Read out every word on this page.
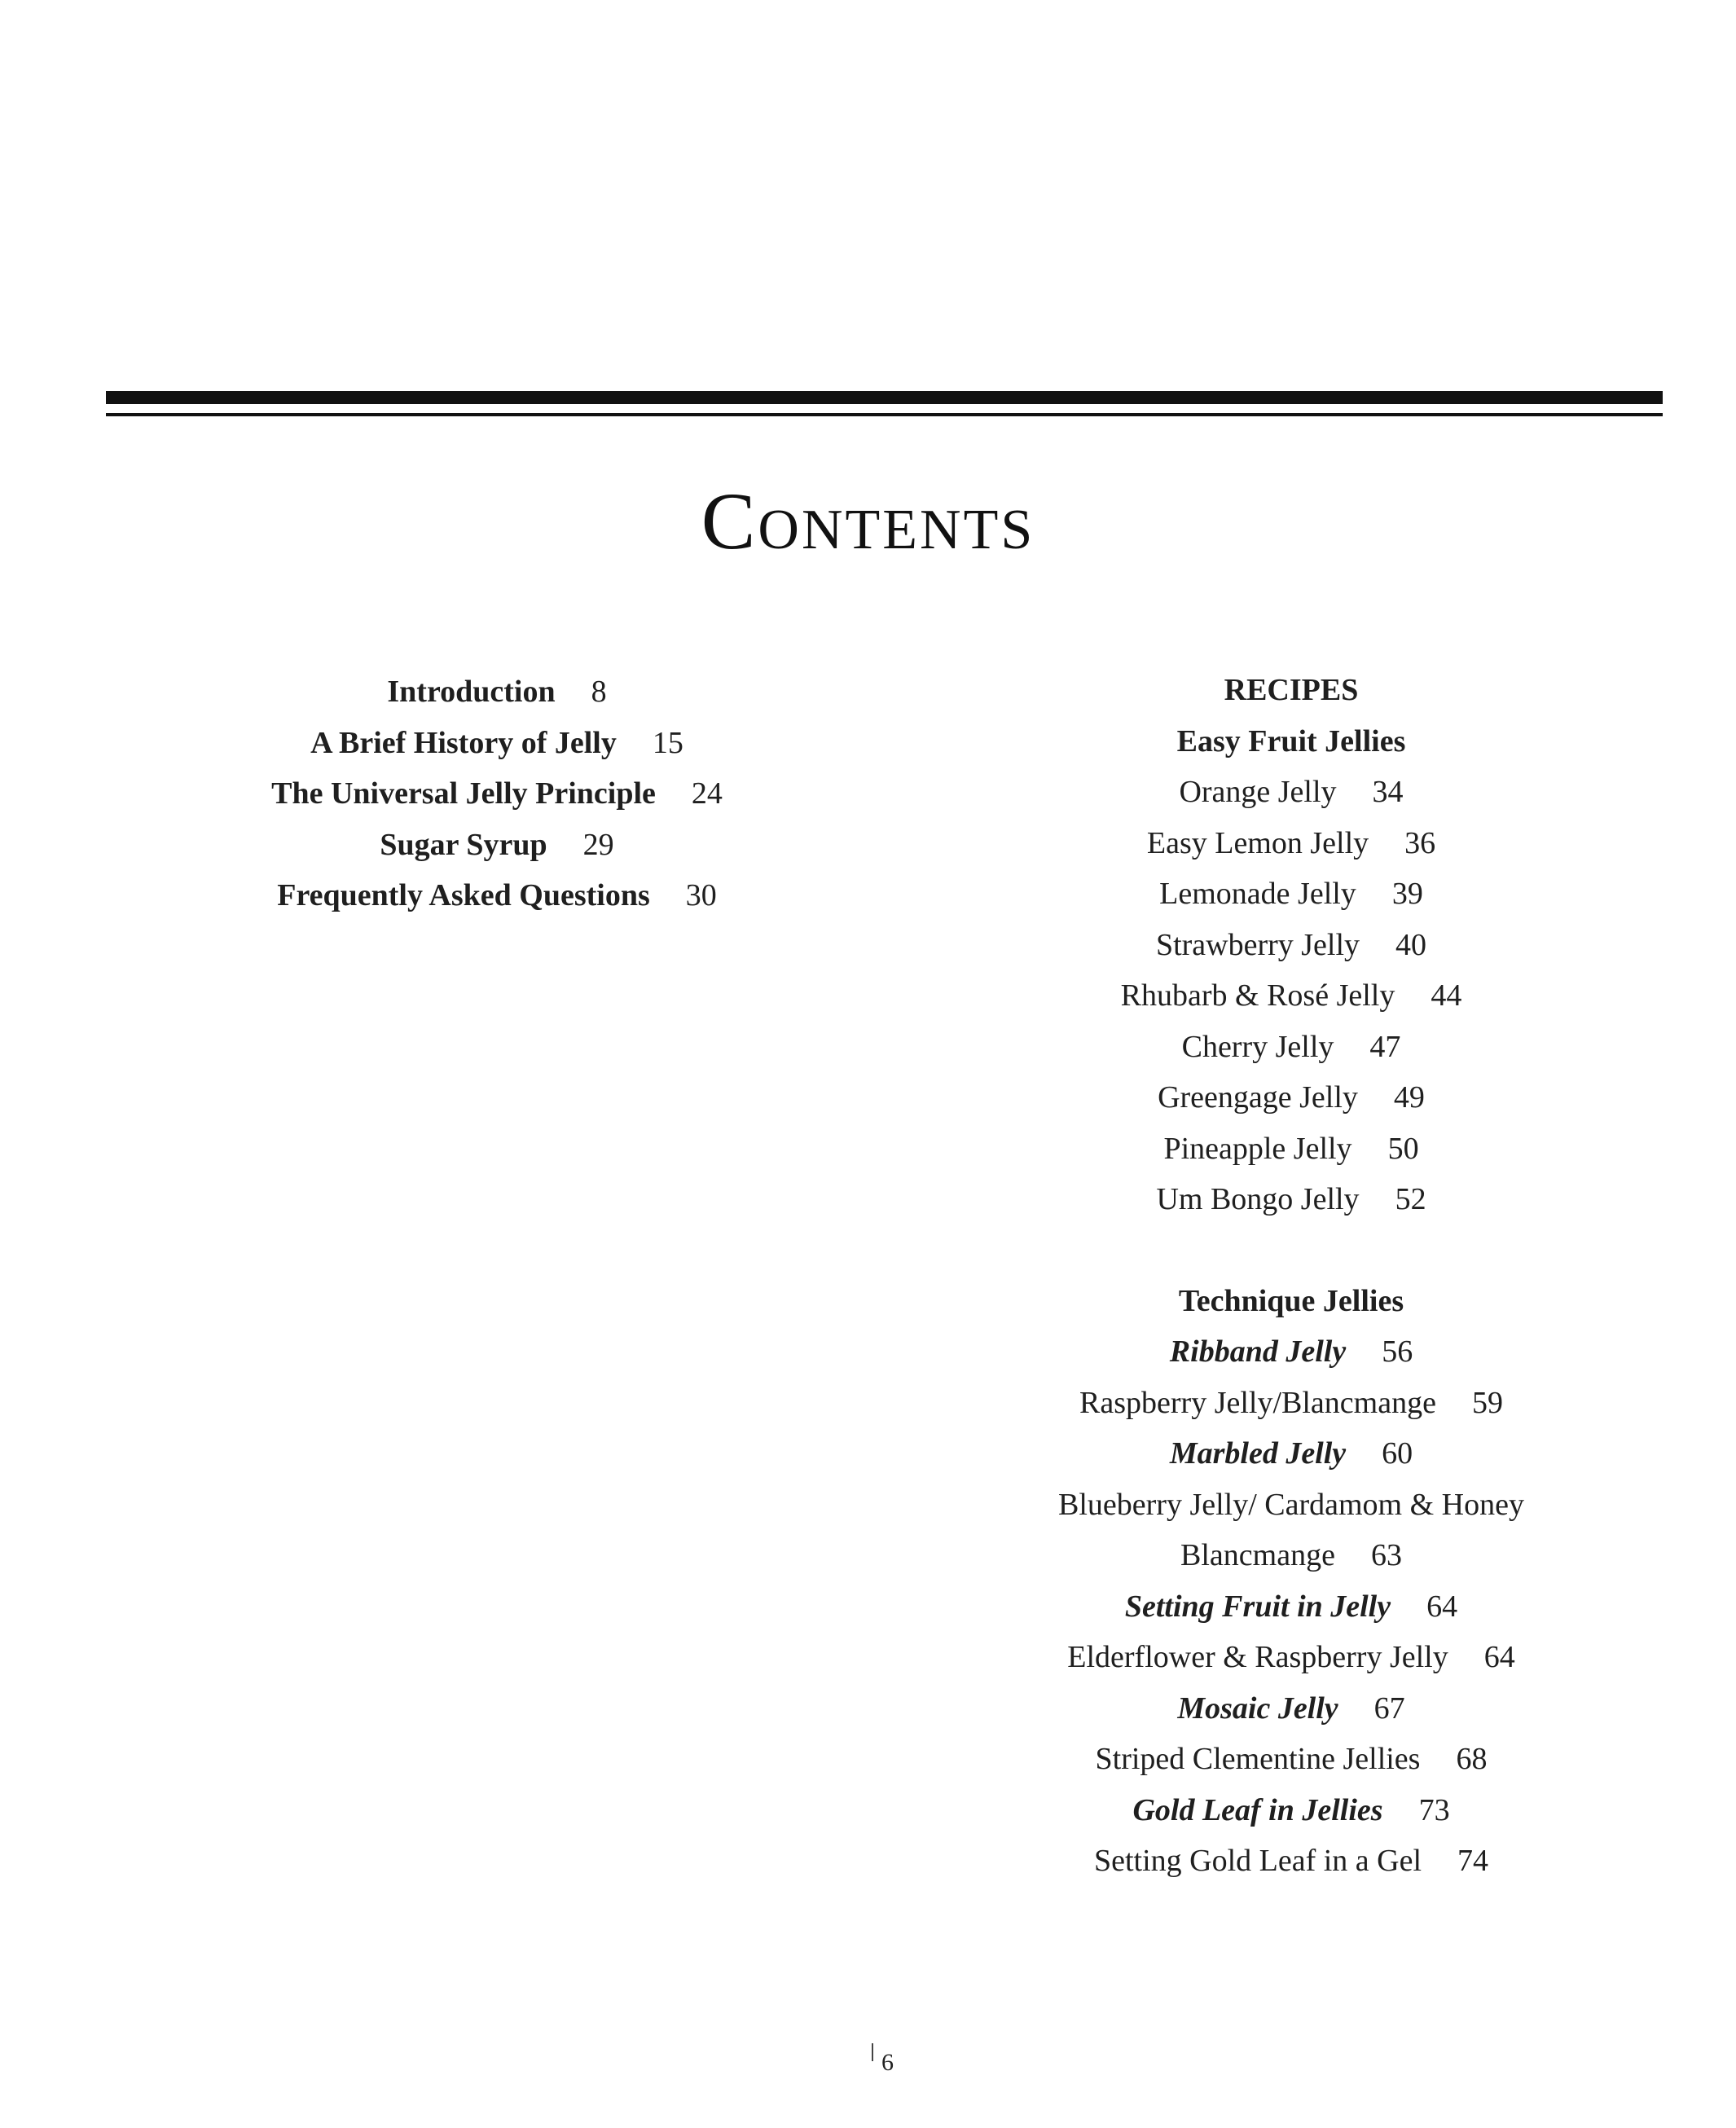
Contents
Introduction 8
A Brief History of Jelly 15
The Universal Jelly Principle 24
Sugar Syrup 29
Frequently Asked Questions 30
RECIPES
Easy Fruit Jellies
Orange Jelly 34
Easy Lemon Jelly 36
Lemonade Jelly 39
Strawberry Jelly 40
Rhubarb & Rosé Jelly 44
Cherry Jelly 47
Greengage Jelly 49
Pineapple Jelly 50
Um Bongo Jelly 52
Technique Jellies
Ribband Jelly 56
Raspberry Jelly/Blancmange 59
Marbled Jelly 60
Blueberry Jelly/ Cardamom & Honey
Blancmange 63
Setting Fruit in Jelly 64
Elderflower & Raspberry Jelly 64
Mosaic Jelly 67
Striped Clementine Jellies 68
Gold Leaf in Jellies 73
Setting Gold Leaf in a Gel 74
6
